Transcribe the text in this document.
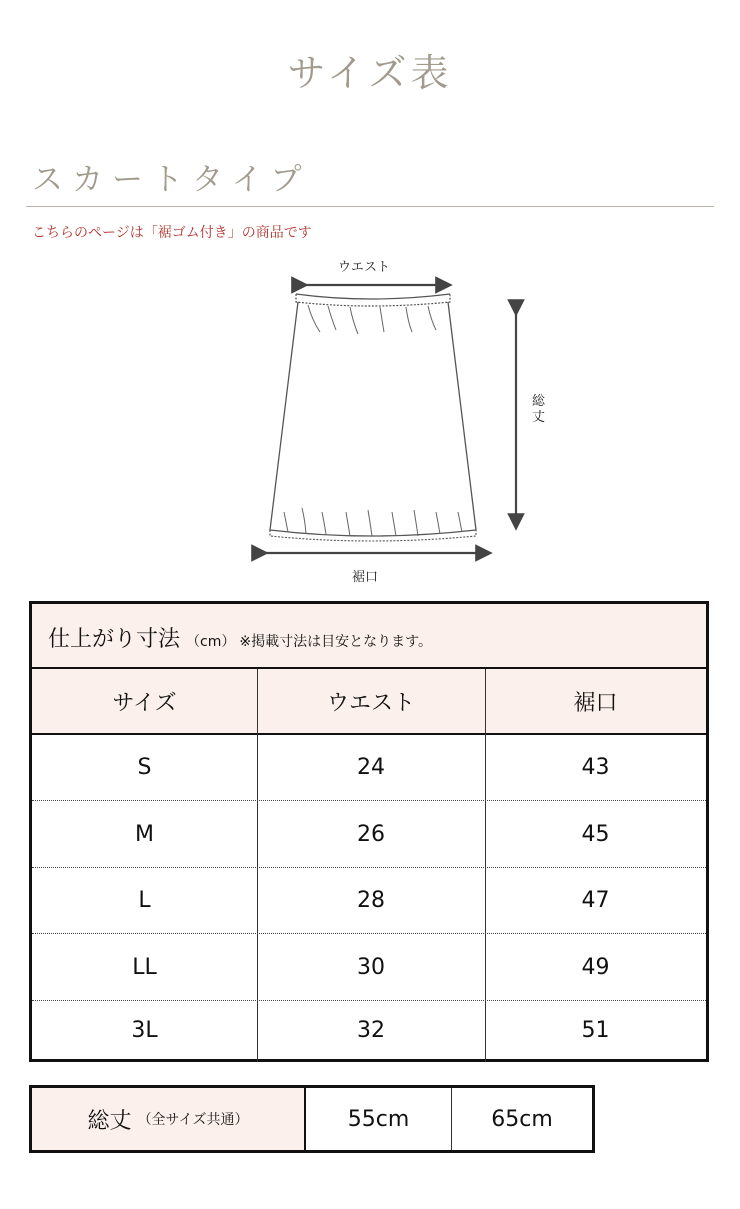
サイズ表
スカートタイプ
こちらのページは「裾ゴム付き」の商品です
ウエスト
総丈
裾口
仕上がり寸法 （cm） ※掲載寸法は目安となります。
サイズ	ウエスト	裾口
S	24	43
M	26	45
L	28	47
LL	30	49
3L	32	51
総丈 （全サイズ共通）	55cm	65cm
